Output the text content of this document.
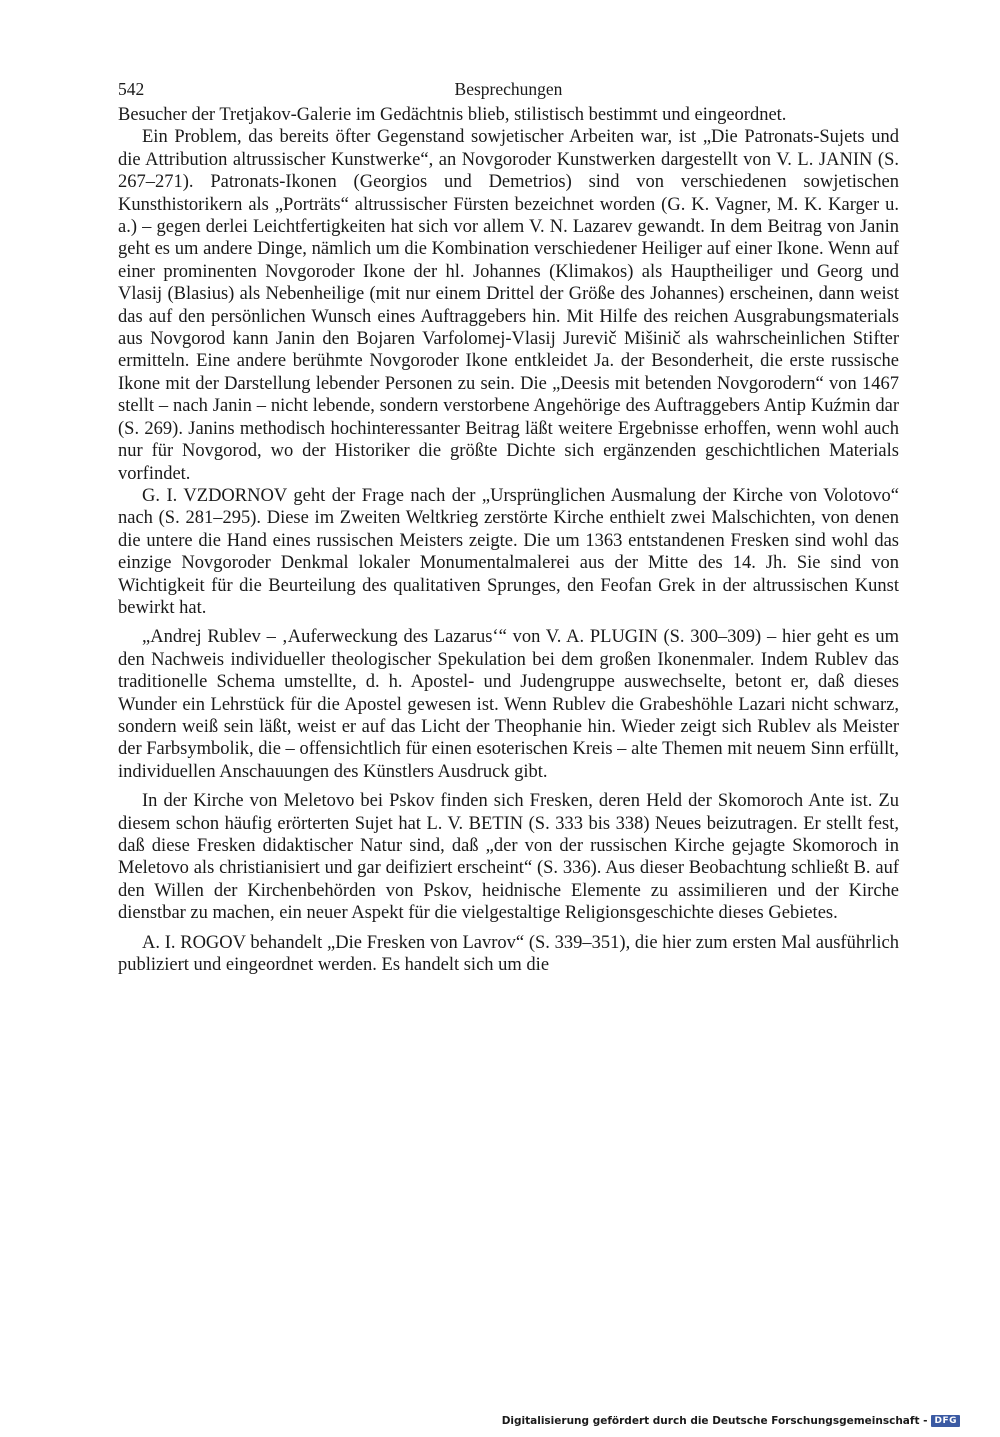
542	Besprechungen

Besucher der Tretjakov-Galerie im Gedächtnis blieb, stilistisch bestimmt und eingeordnet.

Ein Problem, das bereits öfter Gegenstand sowjetischer Arbeiten war, ist „Die Patronats-Sujets und die Attribution altrussischer Kunstwerke“, an Novgoroder Kunstwerken dargestellt von V. L. JANIN (S. 267–271). Patronats-Ikonen (Georgios und Demetrios) sind von verschiedenen sowjetischen Kunsthistorikern als „Porträts“ altrussischer Fürsten bezeichnet worden (G. K. Vagner, M. K. Karger u. a.) – gegen derlei Leichtfertigkeiten hat sich vor allem V. N. Lazarev gewandt. In dem Beitrag von Janin geht es um andere Dinge, nämlich um die Kombination verschiedener Heiliger auf einer Ikone. Wenn auf einer prominenten Novgoroder Ikone der hl. Johannes (Klimakos) als Hauptheiliger und Georg und Vlasij (Blasius) als Nebenheilige (mit nur einem Drittel der Größe des Johannes) erscheinen, dann weist das auf den persönlichen Wunsch eines Auftraggebers hin. Mit Hilfe des reichen Ausgrabungsmaterials aus Novgorod kann Janin den Bojaren Varfolomej-Vlasij Jurevič Mišinič als wahrscheinlichen Stifter ermitteln. Eine andere berühmte Novgoroder Ikone entkleidet Ja. der Besonderheit, die erste russische Ikone mit der Darstellung lebender Personen zu sein. Die „Deesis mit betenden Novgorodern“ von 1467 stellt – nach Janin – nicht lebende, sondern verstorbene Angehörige des Auftraggebers Antip Kuźmin dar (S. 269). Janins methodisch hochinteressanter Beitrag läßt weitere Ergebnisse erhoffen, wenn wohl auch nur für Novgorod, wo der Historiker die größte Dichte sich ergänzenden geschichtlichen Materials vorfindet.

G. I. VZDORNOV geht der Frage nach der „Ursprünglichen Ausmalung der Kirche von Volotovo“ nach (S. 281–295). Diese im Zweiten Weltkrieg zerstörte Kirche enthielt zwei Malschichten, von denen die untere die Hand eines russischen Meisters zeigte. Die um 1363 entstandenen Fresken sind wohl das einzige Novgoroder Denkmal lokaler Monumentalmalerei aus der Mitte des 14. Jh. Sie sind von Wichtigkeit für die Beurteilung des qualitativen Sprunges, den Feofan Grek in der altrussischen Kunst bewirkt hat.

„Andrej Rublev – ‚Auferweckung des Lazarus‘“ von V. A. PLUGIN (S. 300–309) – hier geht es um den Nachweis individueller theologischer Spekulation bei dem großen Ikonenmaler. Indem Rublev das traditionelle Schema umstellte, d. h. Apostel- und Judengruppe auswechselte, betont er, daß dieses Wunder ein Lehrstück für die Apostel gewesen ist. Wenn Rublev die Grabeshöhle Lazari nicht schwarz, sondern weiß sein läßt, weist er auf das Licht der Theophanie hin. Wieder zeigt sich Rublev als Meister der Farbsymbolik, die – offensichtlich für einen esoterischen Kreis – alte Themen mit neuem Sinn erfüllt, individuellen Anschauungen des Künstlers Ausdruck gibt.

In der Kirche von Meletovo bei Pskov finden sich Fresken, deren Held der Skomoroch Ante ist. Zu diesem schon häufig erörterten Sujet hat L. V. BETIN (S. 333 bis 338) Neues beizutragen. Er stellt fest, daß diese Fresken didaktischer Natur sind, daß „der von der russischen Kirche gejagte Skomoroch in Meletovo als christianisiert und gar deifiziert erscheint“ (S. 336). Aus dieser Beobachtung schließt B. auf den Willen der Kirchenbehörden von Pskov, heidnische Elemente zu assimilieren und der Kirche dienstbar zu machen, ein neuer Aspekt für die vielgestaltige Religionsgeschichte dieses Gebietes.

A. I. ROGOV behandelt „Die Fresken von Lavrov“ (S. 339–351), die hier zum ersten Mal ausführlich publiziert und eingeordnet werden. Es handelt sich um die

Digitalisierung gefördert durch die Deutsche Forschungsgemeinschaft - DFG
